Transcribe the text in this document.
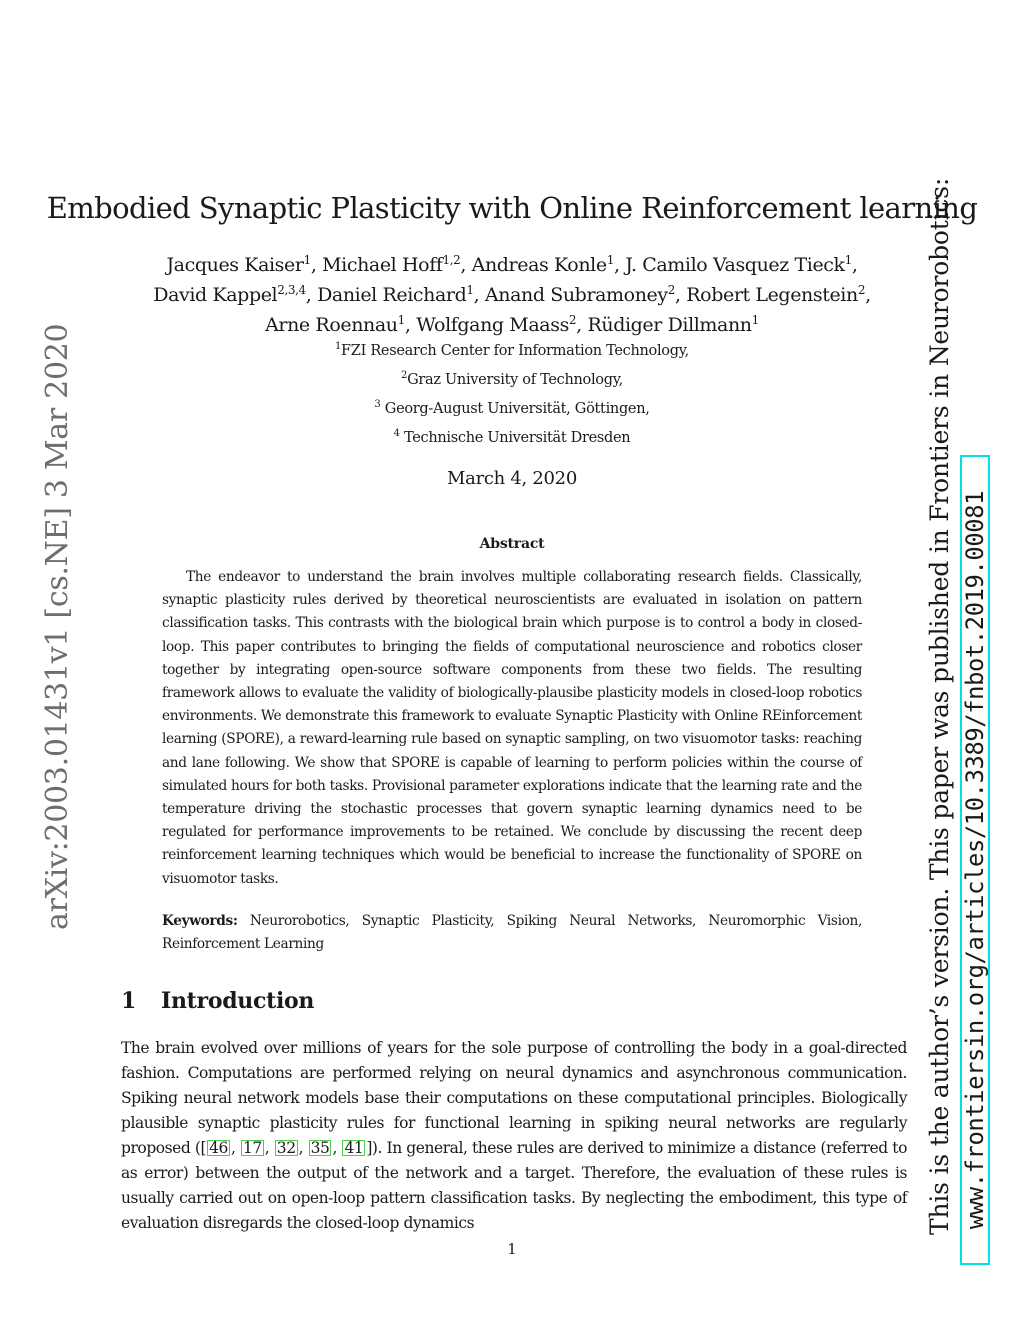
Embodied Synaptic Plasticity with Online Reinforcement learning
Jacques Kaiser$^1$, Michael Hoff$^{1,2}$, Andreas Konle$^1$, J. Camilo Vasquez Tieck$^1$,
David Kappel$^{2,3,4}$, Daniel Reichard$^1$, Anand Subramoney$^2$, Robert Legenstein$^2$,
Arne Roennau$^1$, Wolfgang Maass$^2$, Rüdiger Dillmann$^1$
$^1$FZI Research Center for Information Technology,
$^2$Graz University of Technology,
$^3$ Georg-August Universität, Göttingen,
$^4$ Technische Universität Dresden
March 4, 2020
Abstract

The endeavor to understand the brain involves multiple collaborating research fields. Classically, synaptic plasticity rules derived by theoretical neuroscientists are evaluated in isolation on pattern classification tasks. This contrasts with the biological brain which purpose is to control a body in closed-loop. This paper contributes to bringing the fields of computational neuroscience and robotics closer together by integrating open-source software components from these two fields. The resulting framework allows to evaluate the validity of biologically-plausibe plasticity models in closed-loop robotics environments. We demonstrate this framework to evaluate Synaptic Plasticity with Online REinforcement learning (SPORE), a reward-learning rule based on synaptic sampling, on two visuomotor tasks: reaching and lane following. We show that SPORE is capable of learning to perform policies within the course of simulated hours for both tasks. Provisional parameter explorations indicate that the learning rate and the temperature driving the stochastic processes that govern synaptic learning dynamics need to be regulated for performance improvements to be retained. We conclude by discussing the recent deep reinforcement learning techniques which would be beneficial to increase the functionality of SPORE on visuomotor tasks.

Keywords: Neurorobotics, Synaptic Plasticity, Spiking Neural Networks, Neuromorphic Vision, Reinforcement Learning

1 Introduction

The brain evolved over millions of years for the sole purpose of controlling the body in a goal-directed fashion. Computations are performed relying on neural dynamics and asynchronous communication. Spiking neural network models base their computations on these computational principles. Biologically plausible synaptic plasticity rules for functional learning in spiking neural networks are regularly proposed ([ 46 , 17 , 32 , 35 , 41 ]). In general, these rules are derived to minimize a distance (referred to as error) between the output of the network and a target. Therefore, the evaluation of these rules is usually carried out on open-loop pattern classification tasks. By neglecting the embodiment, this type of evaluation disregards the closed-loop dynamics

1
arXiv:2003.01431v1 [cs.NE] 3 Mar 2020	This is the author’s version. This paper was published in Frontiers in Neurorobotics: www.frontiersin.org/articles/10.3389/fnbot.2019.00081
